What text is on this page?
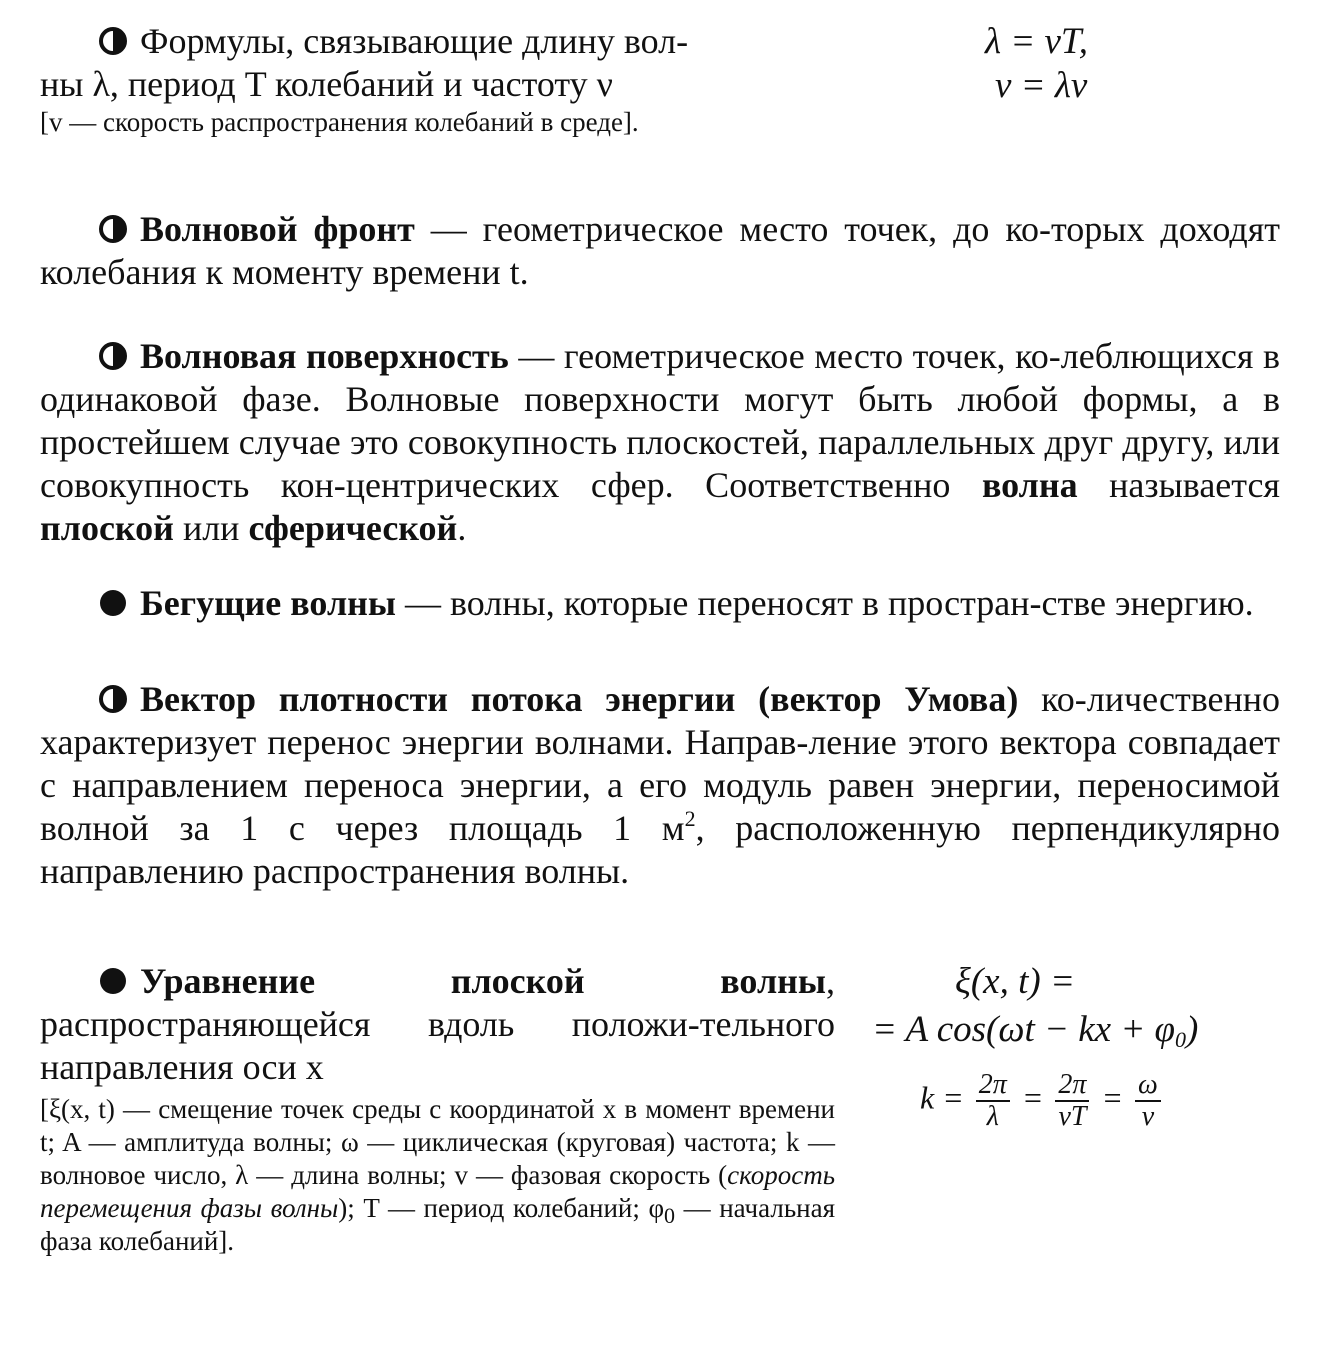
Формулы, связывающие длину вол-
ны λ, период T колебаний и частоту ν
[v — скорость распространения колебаний в среде].
λ = vT,
v = λν
Волновой фронт — геометрическое место точек, до ко-торых доходят колебания к моменту времени t.
Волновая поверхность — геометрическое место точек, ко-леблющихся в одинаковой фазе. Волновые поверхности могут быть любой формы, а в простейшем случае это совокупность плоскостей, параллельных друг другу, или совокупность кон-центрических сфер. Соответственно волна называется плоской или сферической.
Бегущие волны — волны, которые переносят в простран-стве энергию.
Вектор плотности потока энергии (вектор Умова) ко-личественно характеризует перенос энергии волнами. Направ-ление этого вектора совпадает с направлением переноса энергии, а его модуль равен энергии, переносимой волной за 1 с через площадь 1 $м^2$, расположенную перпендикулярно направлению распространения волны.
Уравнение плоской волны, распространяющейся вдоль положи-тельного направления оси x
[ξ(x, t) — смещение точек среды с координатой x в момент времени t; A — амплитуда волны; ω — циклическая (круговая) частота; k — волновое число, λ — длина волны; v — фазовая скорость (скорость перемещения фазы волны); T — период колебаний; $\varphi_0$ — начальная фаза колебаний].
ξ(x, t) =
= A cos(ωt − kx + $\varphi_0$)
$k = \frac{2\pi}{\lambda} = \frac{2\pi}{vT} = \frac{\omega}{v}$
